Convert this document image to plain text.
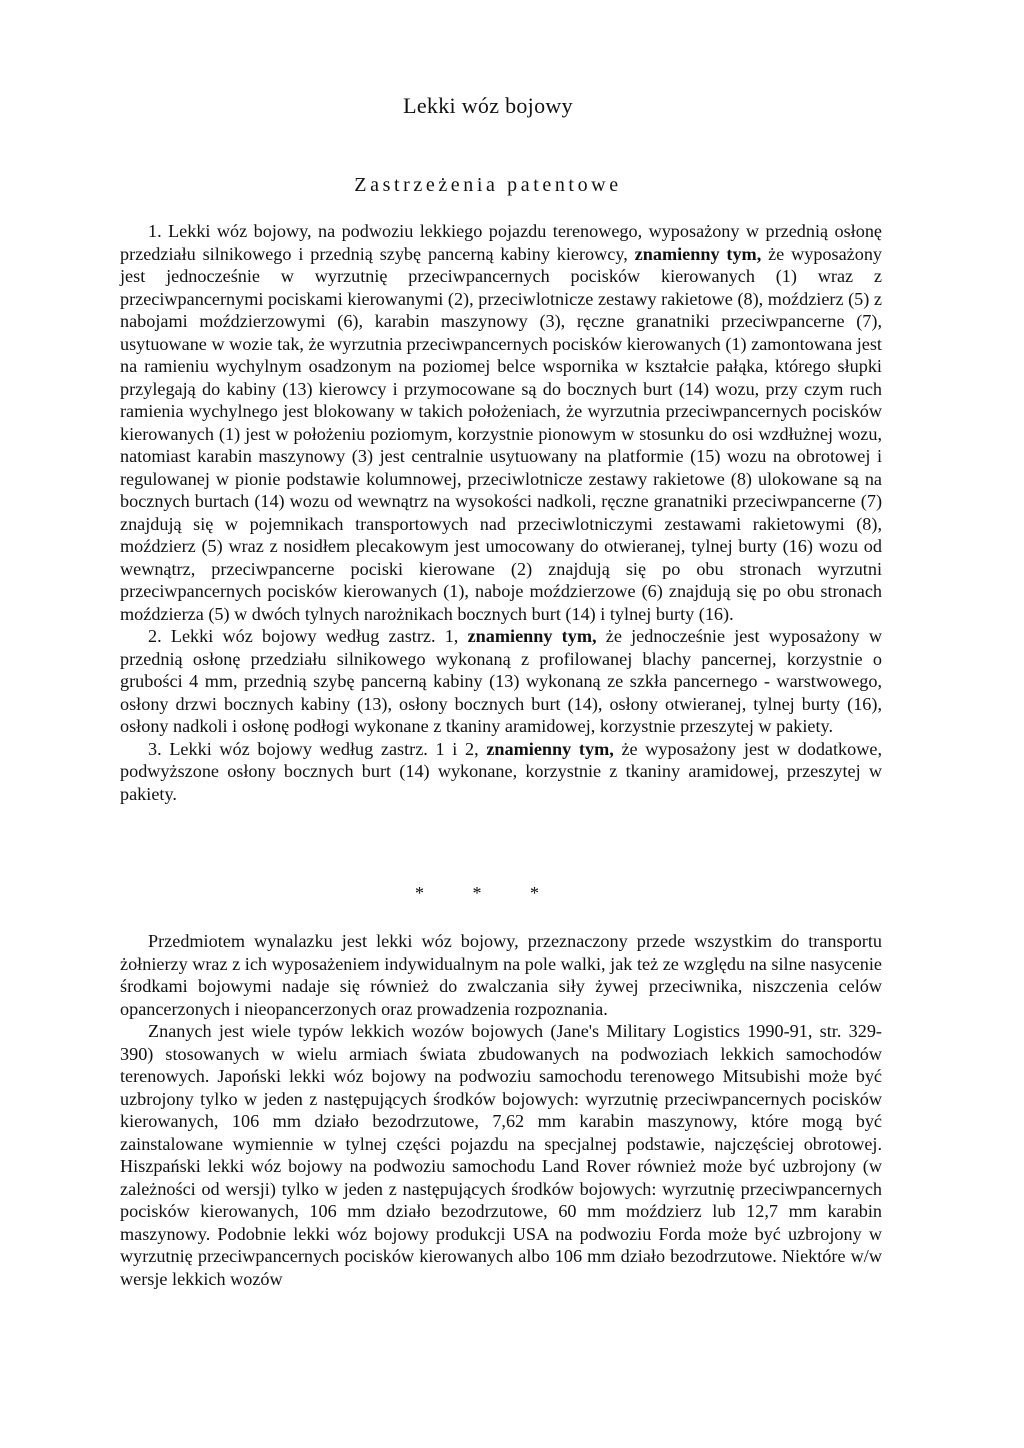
Lekki wóz bojowy
Zastrzeżenia patentowe

1. Lekki wóz bojowy, na podwoziu lekkiego pojazdu terenowego, wyposażony w przednią osłonę przedziału silnikowego i przednią szybę pancerną kabiny kierowcy, znamienny tym, że wyposażony jest jednocześnie w wyrzutnię przeciwpancernych pocisków kierowanych (1) wraz z przeciwpancernymi pociskami kierowanymi (2), przeciwlotnicze zestawy rakietowe (8), moździerz (5) z nabojami moździerzowymi (6), karabin maszynowy (3), ręczne granatniki przeciwpancerne (7), usytuowane w wozie tak, że wyrzutnia przeciwpancernych pocisków kierowanych (1) zamontowana jest na ramieniu wychylnym osadzonym na poziomej belce wspornika w kształcie pałąka, którego słupki przylegają do kabiny (13) kierowcy i przymocowane są do bocznych burt (14) wozu, przy czym ruch ramienia wychylnego jest blokowany w takich położeniach, że wyrzutnia przeciwpancernych pocisków kierowanych (1) jest w położeniu poziomym, korzystnie pionowym w stosunku do osi wzdłużnej wozu, natomiast karabin maszynowy (3) jest centralnie usytuowany na platformie (15) wozu na obrotowej i regulowanej w pionie podstawie kolumnowej, przeciwlotnicze zestawy rakietowe (8) ulokowane są na bocznych burtach (14) wozu od wewnątrz na wysokości nadkoli, ręczne granatniki przeciwpancerne (7) znajdują się w pojemnikach transportowych nad przeciwlotniczymi zestawami rakietowymi (8), moździerz (5) wraz z nosidłem plecakowym jest umocowany do otwieranej, tylnej burty (16) wozu od wewnątrz, przeciwpancerne pociski kierowane (2) znajdują się po obu stronach wyrzutni przeciwpancernych pocisków kierowanych (1), naboje moździerzowe (6) znajdują się po obu stronach moździerza (5) w dwóch tylnych narożnikach bocznych burt (14) i tylnej burty (16).

2. Lekki wóz bojowy według zastrz. 1, znamienny tym, że jednocześnie jest wyposażony w przednią osłonę przedziału silnikowego wykonaną z profilowanej blachy pancernej, korzystnie o grubości 4 mm, przednią szybę pancerną kabiny (13) wykonaną ze szkła pancernego - warstwowego, osłony drzwi bocznych kabiny (13), osłony bocznych burt (14), osłony otwieranej, tylnej burty (16), osłony nadkoli i osłonę podłogi wykonane z tkaniny aramidowej, korzystnie przeszytej w pakiety.

3. Lekki wóz bojowy według zastrz. 1 i 2, znamienny tym, że wyposażony jest w dodatkowe, podwyższone osłony bocznych burt (14) wykonane, korzystnie z tkaniny aramidowej, przeszytej w pakiety.

* * *

Przedmiotem wynalazku jest lekki wóz bojowy, przeznaczony przede wszystkim do transportu żołnierzy wraz z ich wyposażeniem indywidualnym na pole walki, jak też ze względu na silne nasycenie środkami bojowymi nadaje się również do zwalczania siły żywej przeciwnika, niszczenia celów opancerzonych i nieopancerzonych oraz prowadzenia rozpoznania.

Znanych jest wiele typów lekkich wozów bojowych (Jane's Military Logistics 1990-91, str. 329-390) stosowanych w wielu armiach świata zbudowanych na podwoziach lekkich samochodów terenowych. Japoński lekki wóz bojowy na podwoziu samochodu terenowego Mitsubishi może być uzbrojony tylko w jeden z następujących środków bojowych: wyrzutnię przeciwpancernych pocisków kierowanych, 106 mm działo bezodrzutowe, 7,62 mm karabin maszynowy, które mogą być zainstalowane wymiennie w tylnej części pojazdu na specjalnej podstawie, najczęściej obrotowej. Hiszpański lekki wóz bojowy na podwoziu samochodu Land Rover również może być uzbrojony (w zależności od wersji) tylko w jeden z następujących środków bojowych: wyrzutnię przeciwpancernych pocisków kierowanych, 106 mm działo bezodrzutowe, 60 mm moździerz lub 12,7 mm karabin maszynowy. Podobnie lekki wóz bojowy produkcji USA na podwoziu Forda może być uzbrojony w wyrzutnię przeciwpancernych pocisków kierowanych albo 106 mm działo bezodrzutowe. Niektóre w/w wersje lekkich wozów
